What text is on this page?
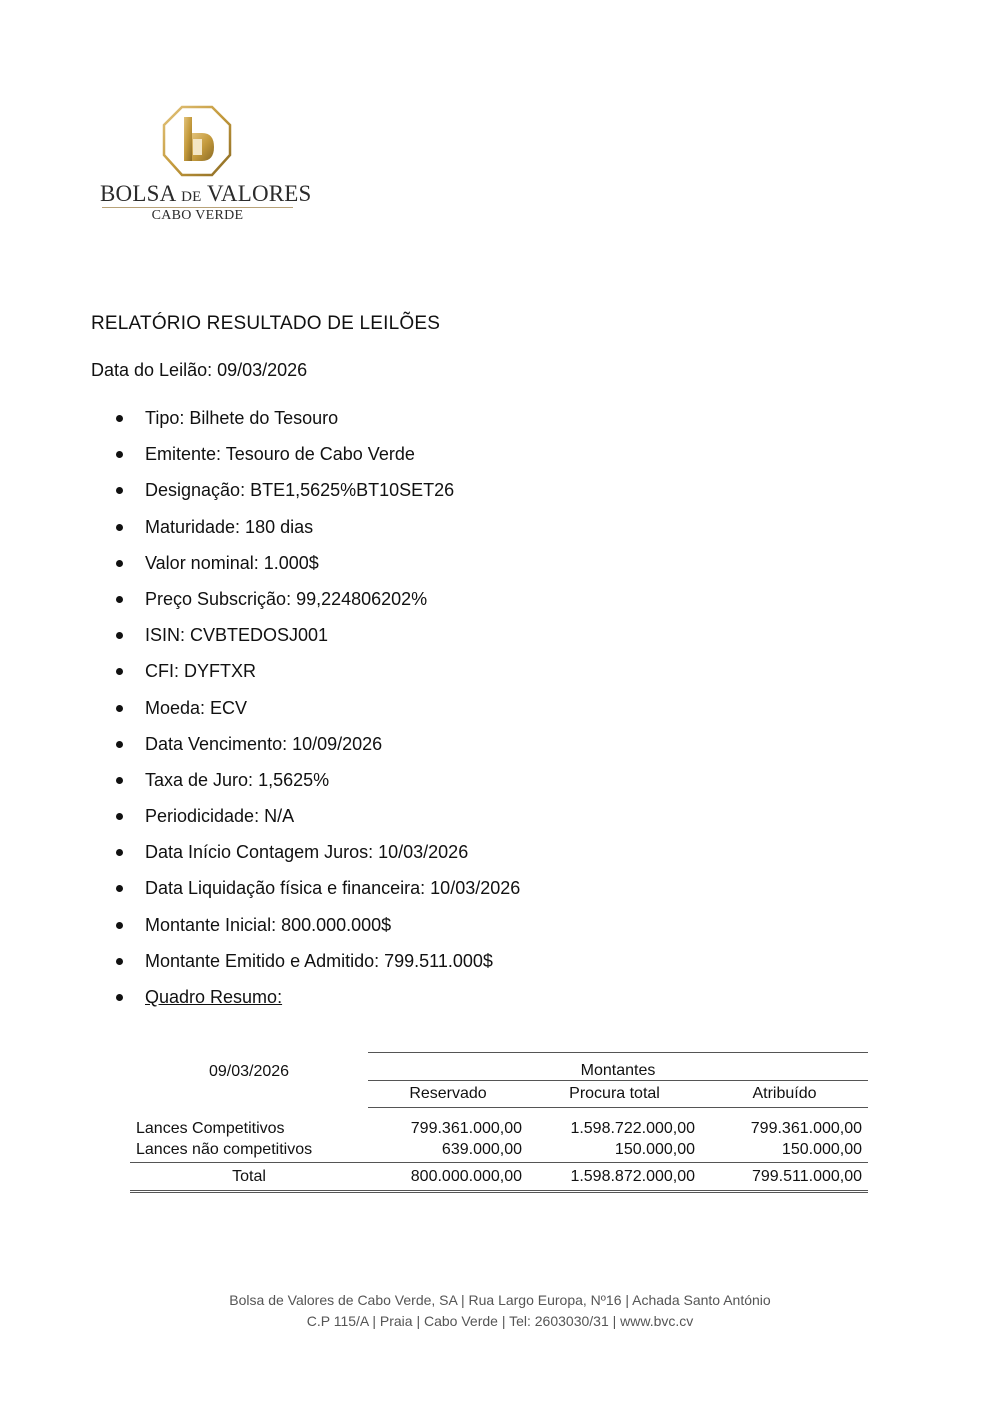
BOLSA DE VALORES
CABO VERDE
RELATÓRIO RESULTADO DE LEILÕES
Data do Leilão: 09/03/2026
Tipo: Bilhete do Tesouro
Emitente: Tesouro de Cabo Verde
Designação: BTE1,5625%BT10SET26
Maturidade: 180 dias
Valor nominal: 1.000$
Preço Subscrição: 99,224806202%
ISIN: CVBTEDOSJ001
CFI: DYFTXR
Moeda: ECV
Data Vencimento: 10/09/2026
Taxa de Juro: 1,5625%
Periodicidade: N/A
Data Início Contagem Juros: 10/03/2026
Data Liquidação física e financeira: 10/03/2026
Montante Inicial: 800.000.000$
Montante Emitido e Admitido: 799.511.000$
Quadro Resumo:
09/03/2026	Montantes		
	Reservado	Procura total	Atribuído
Lances Competitivos	799.361.000,00	1.598.722.000,00	799.361.000,00
Lances não competitivos	639.000,00	150.000,00	150.000,00
Total	800.000.000,00	1.598.872.000,00	799.511.000,00
Bolsa de Valores de Cabo Verde, SA | Rua Largo Europa, Nº16 | Achada Santo António
C.P 115/A | Praia | Cabo Verde | Tel: 2603030/31 | www.bvc.cv
